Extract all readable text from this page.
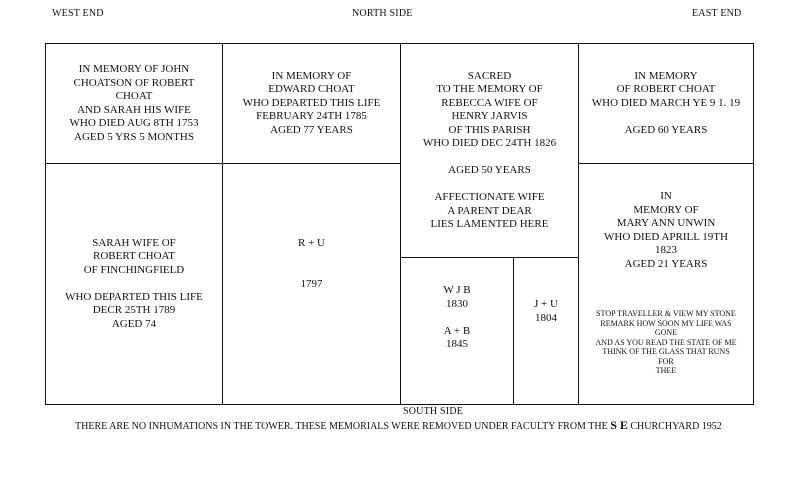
WEST END	NORTH SIDE	EAST END
IN MEMORY OF JOHN
CHOATSON OF ROBERT
CHOAT
AND SARAH HIS WIFE
WHO DIED AUG 8TH 1753
AGED 5 YRS 5 MONTHS
IN MEMORY OF
EDWARD CHOAT
WHO DEPARTED THIS LIFE
FEBRUARY 24TH 1785
AGED 77 YEARS
SACRED
TO THE MEMORY OF
REBECCA WIFE OF
HENRY JARVIS
OF THIS PARISH
WHO DIED DEC 24TH 1826

AGED 50 YEARS

AFFECTIONATE WIFE
A PARENT DEAR
LIES LAMENTED HERE
IN MEMORY
OF ROBERT CHOAT
WHO DIED MARCH YE 9 1. 19

AGED 60 YEARS
SARAH WIFE OF
ROBERT CHOAT
OF FINCHINGFIELD

WHO DEPARTED THIS LIFE
DECR 25TH 1789
AGED 74
R + U

1797
IN
MEMORY OF
MARY ANN UNWIN
WHO DIED APRILL 19TH
1823
AGED 21 YEARS
STOP TRAVELLER & VIEW MY STONE
REMARK HOW SOON MY LIFE WAS
GONE
AND AS YOU READ THE STATE OF ME
THINK OF THE GLASS THAT RUNS
FOR
THEE
W J B
1830

A + B
1845
J + U
1804
SOUTH SIDE
THERE ARE NO INHUMATIONS IN THE TOWER. THESE MEMORIALS WERE REMOVED UNDER FACULTY FROM THE S E CHURCHYARD 1952
